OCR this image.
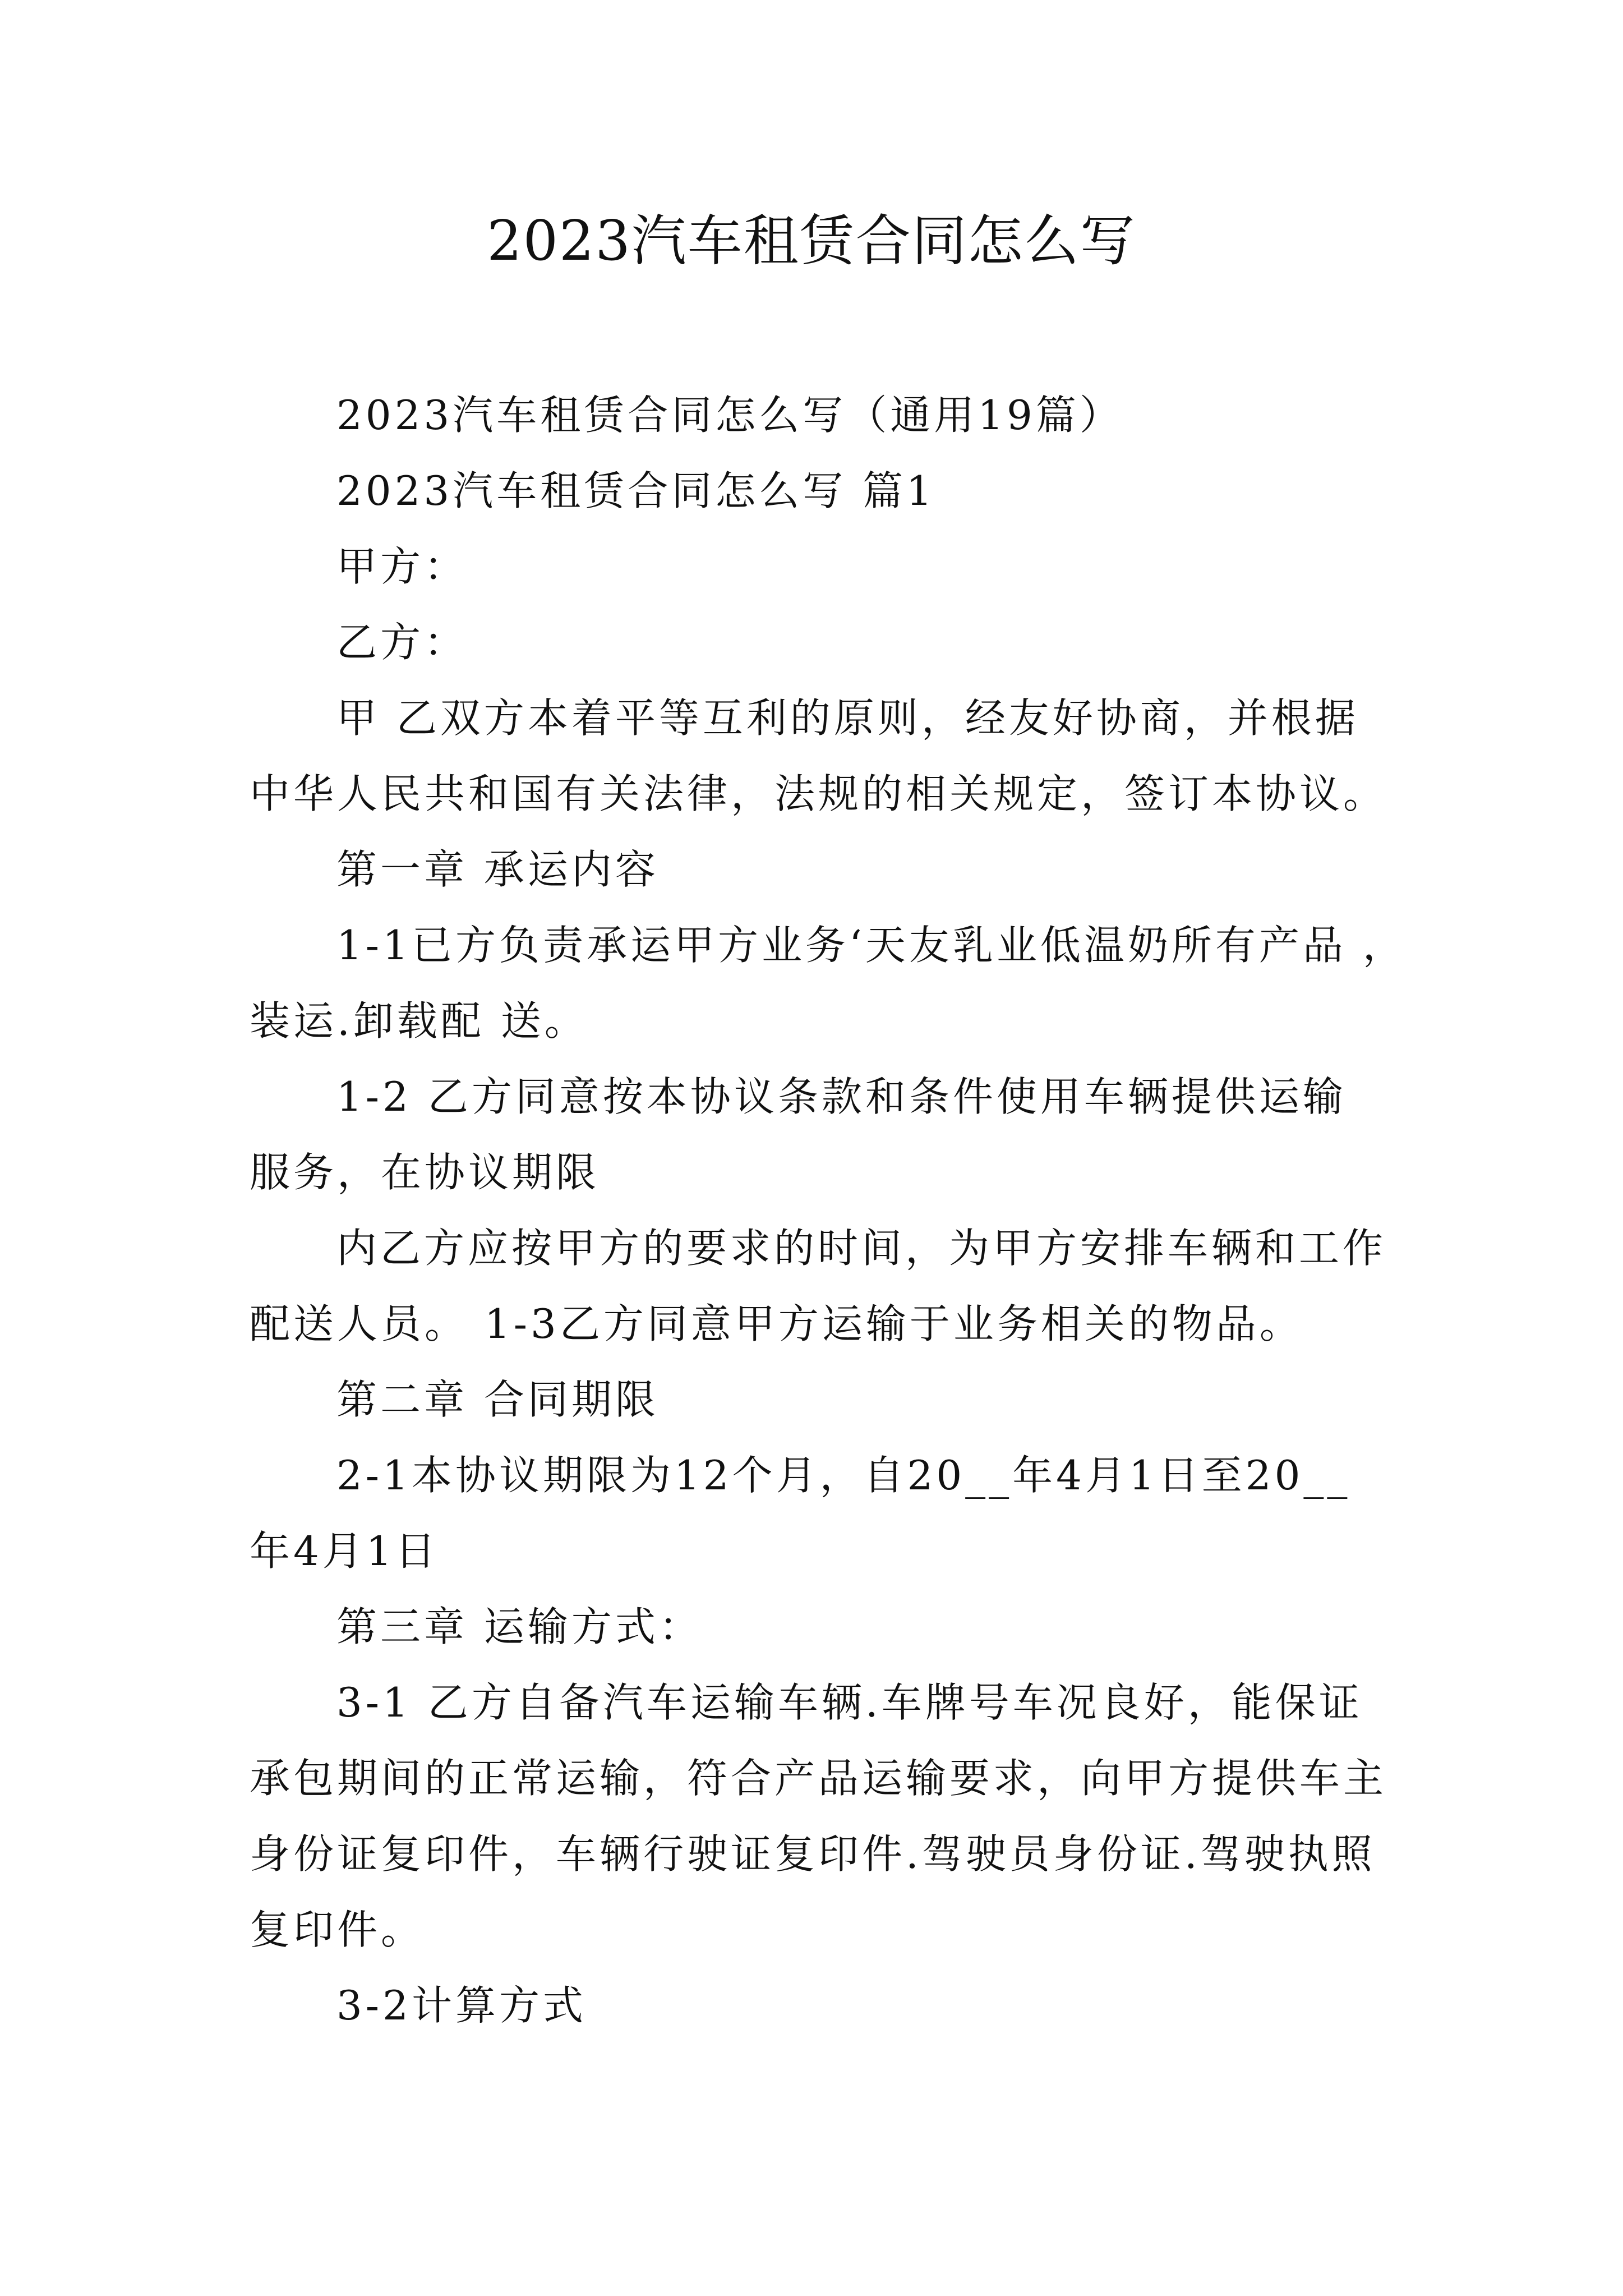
2023汽车租赁合同怎么写
2023汽车租赁合同怎么写（通用19篇）
2023汽车租赁合同怎么写 篇1
甲方：
乙方：
甲 乙双方本着平等互利的原则，经友好协商，并根据
中华人民共和国有关法律，法规的相关规定，签订本协议。
第一章 承运内容
1-1已方负责承运甲方业务‘天友乳业低温奶所有产品 ，
装运.卸载配 送。
1-2 乙方同意按本协议条款和条件使用车辆提供运输
服务，在协议期限
内乙方应按甲方的要求的时间，为甲方安排车辆和工作
配送人员。 1-3乙方同意甲方运输于业务相关的物品。
第二章 合同期限
2-1本协议期限为12个月，自20__年4月1日至20__
年4月1日
第三章 运输方式：
3-1 乙方自备汽车运输车辆.车牌号车况良好，能保证
承包期间的正常运输，符合产品运输要求，向甲方提供车主
身份证复印件，车辆行驶证复印件.驾驶员身份证.驾驶执照
复印件。
3-2计算方式
